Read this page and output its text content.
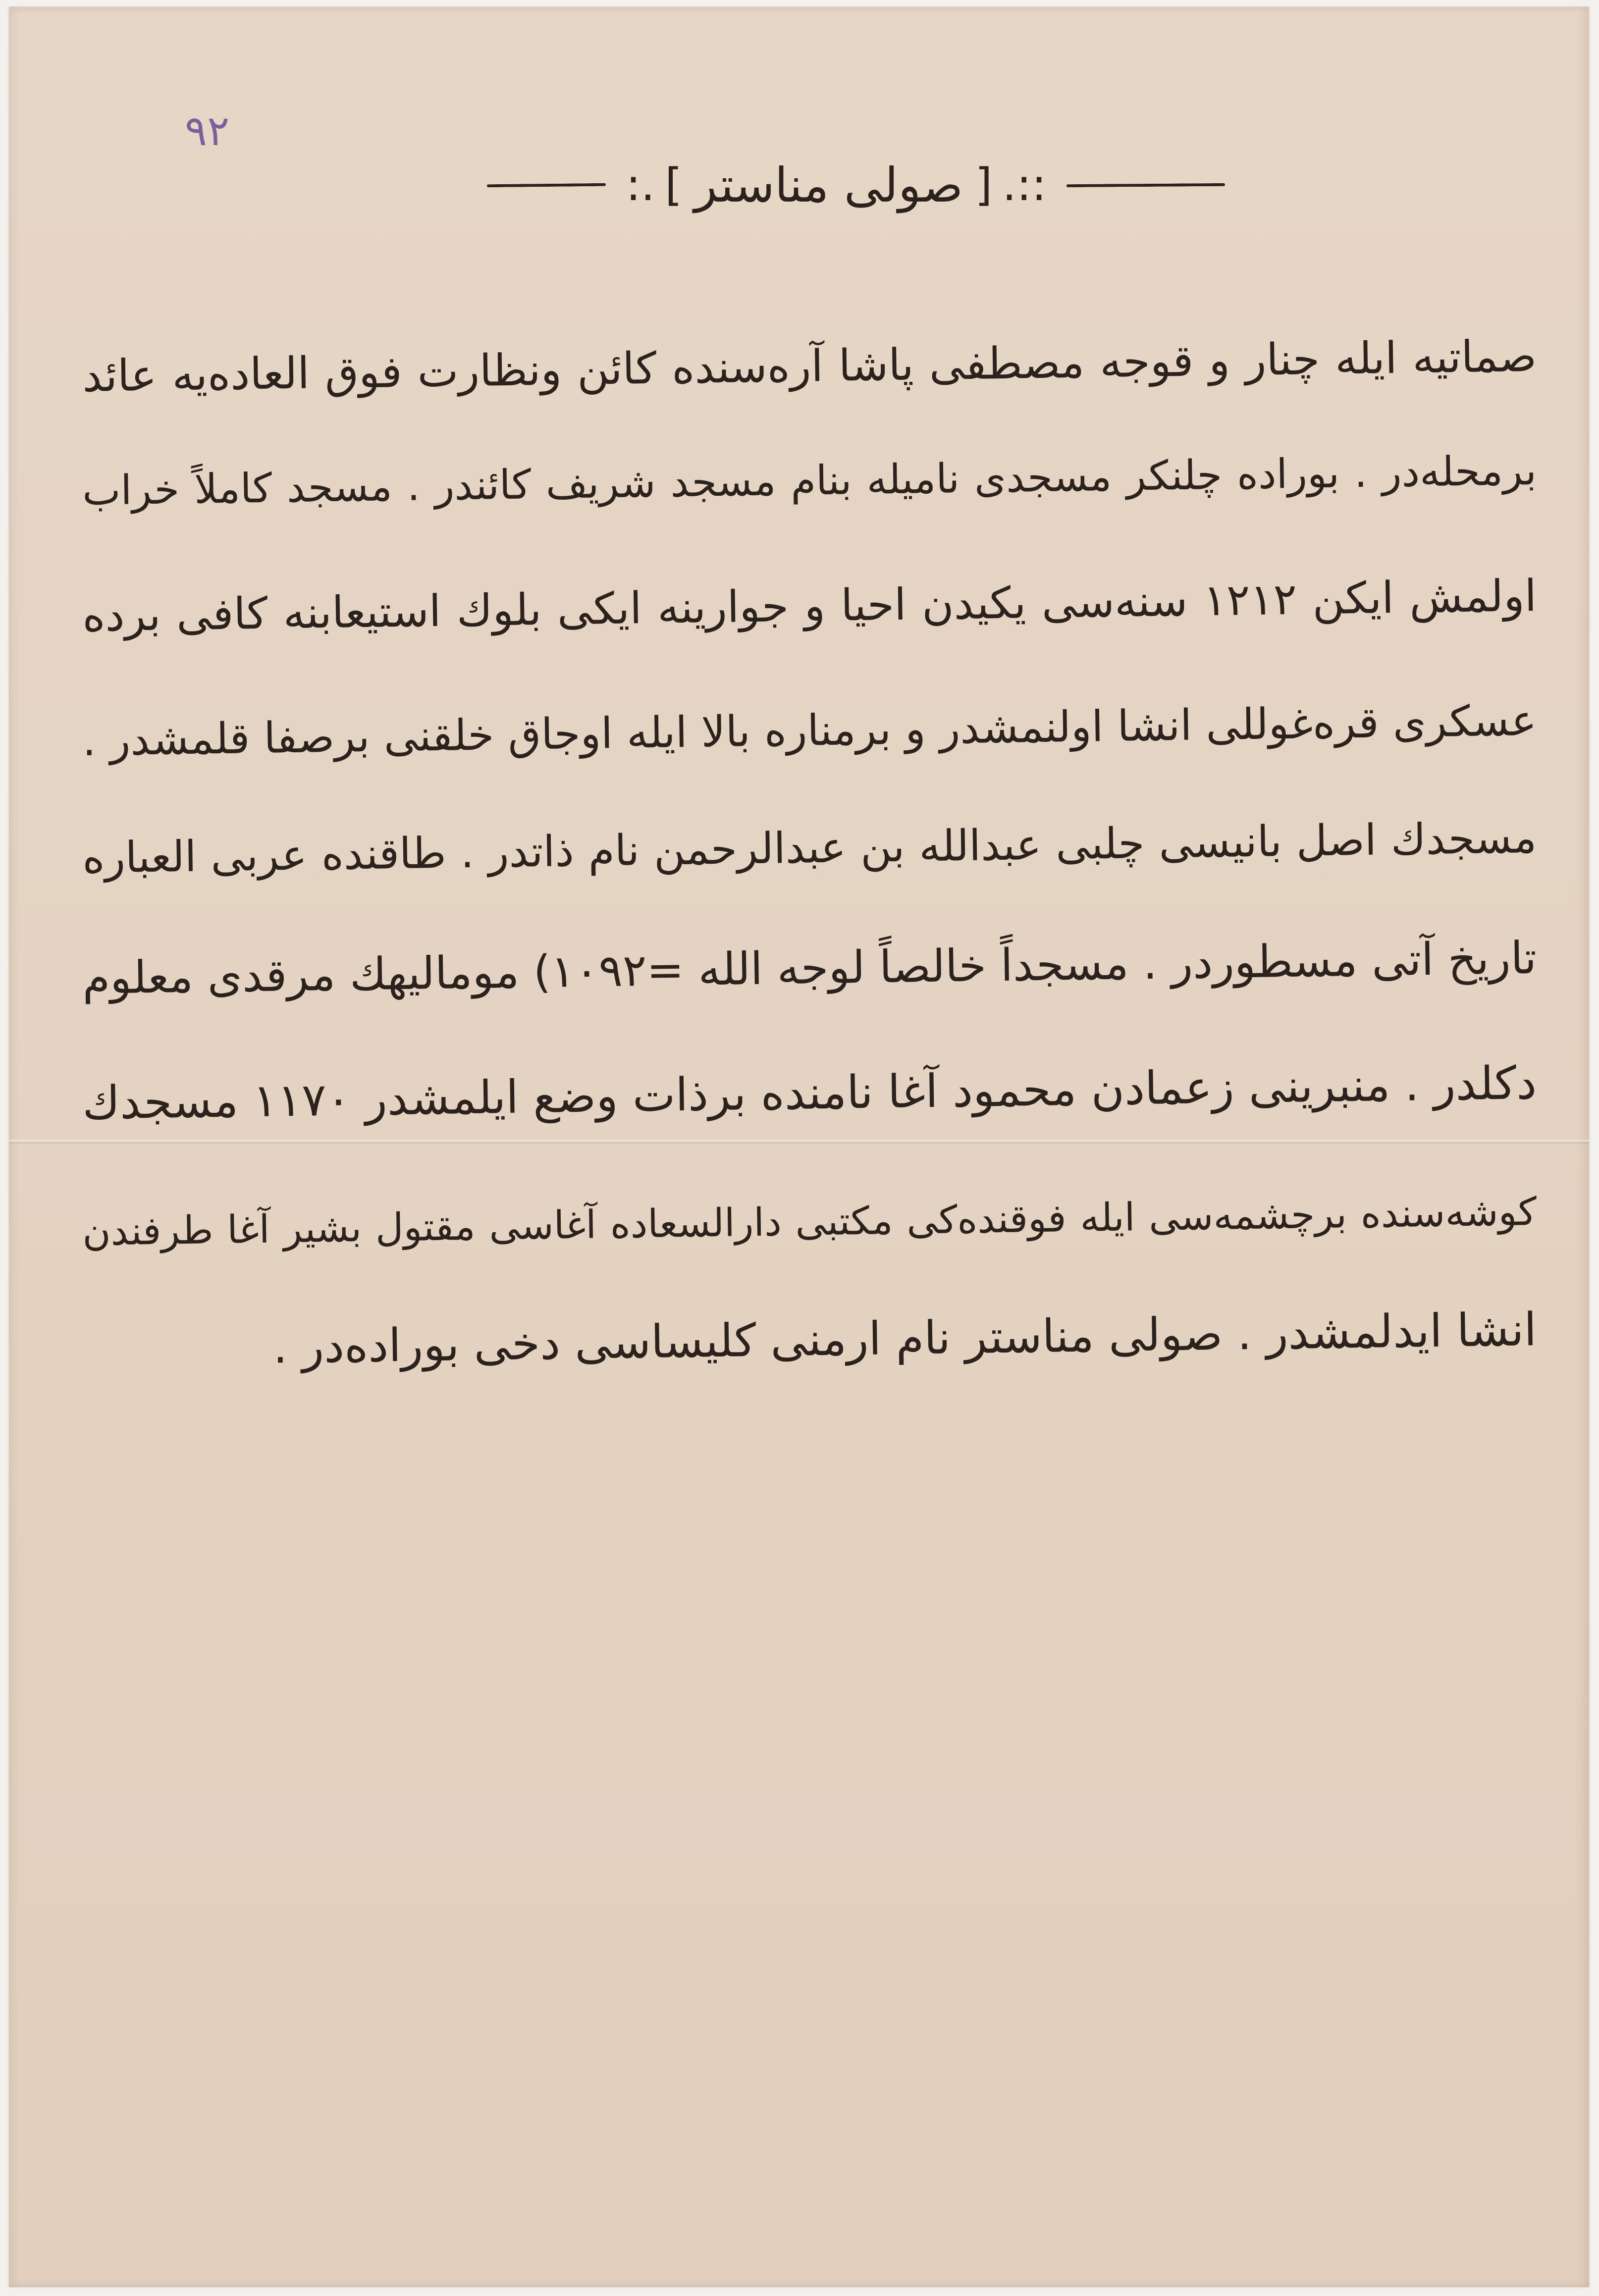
٩٢
:. [ صولی مناستر ] .::
صماتیه ایله چنار و قوجه مصطفی پاشا آره‌سنده کائن ونظارت فوق العاده‌یه عائد
برمحله‌در . بوراده چلنکر مسجدی نامیله بنام مسجد شریف کائندر . مسجد کاملاً خراب
اولمش ایکن ۱۲۱۲ سنه‌سی یکیدن احیا و جوارینه ایکی بلوك استیعابنه کافی برده
عسکری قره‌غوللی انشا اولنمشدر و برمناره بالا ایله اوجاق خلقنی برصفا قلمشدر .
مسجدك اصل بانیسی چلبی عبدالله بن عبدالرحمن نام ذاتدر . طاقنده عربی العباره
تاریخ آتی مسطوردر . مسجداً خالصاً لوجه الله =۱۰۹۲) مومالیهك مرقدی معلوم
دکلدر . منبرینی زعمادن محمود آغا نامنده برذات وضع ایلمشدر ۱۱۷۰ مسجدك
کوشه‌سنده برچشمه‌سی ایله فوقنده‌کی مکتبی دارالسعاده آغاسی مقتول بشیر آغا طرفندن
انشا ایدلمشدر . صولی مناستر نام ارمنی کلیساسی دخی بوراده‌در .
